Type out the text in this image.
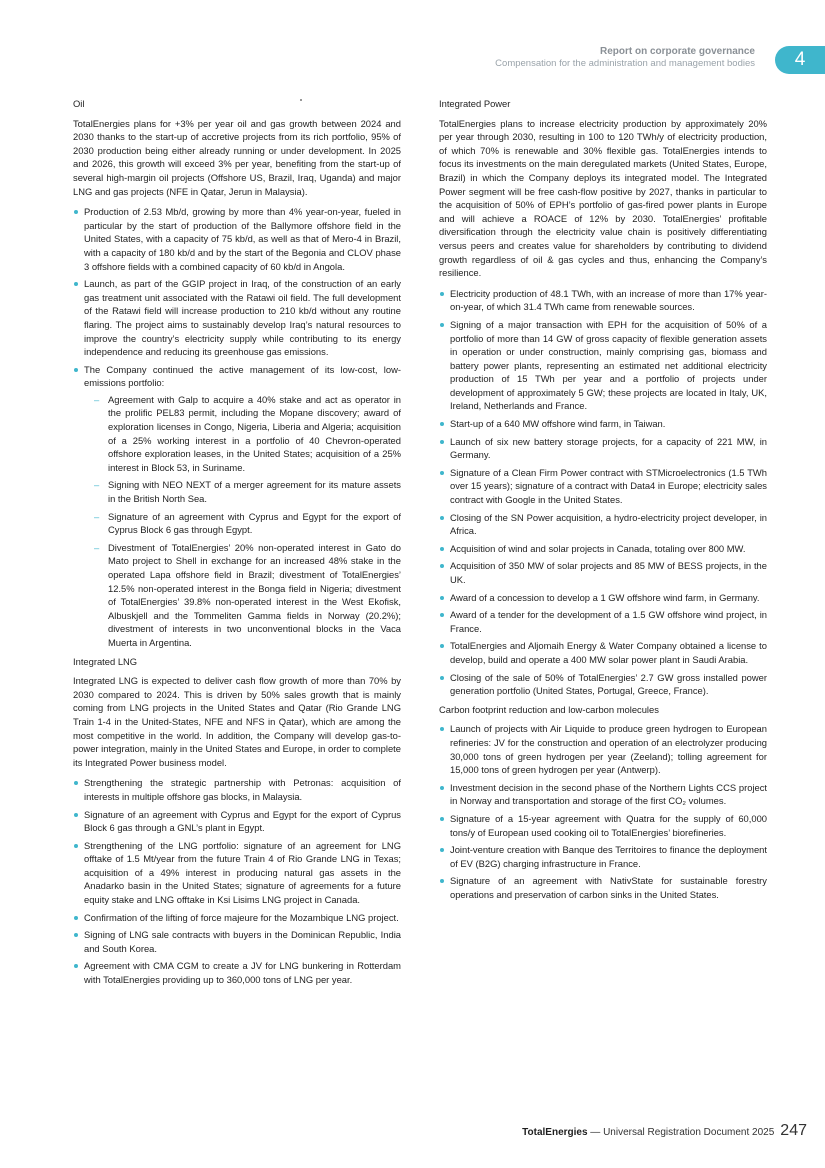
Report on corporate governance
Compensation for the administration and management bodies	4
Oil

TotalEnergies plans for +3% per year oil and gas growth between 2024 and 2030 thanks to the start-up of accretive projects from its rich portfolio, 95% of 2030 production being either already running or under development. In 2025 and 2026, this growth will exceed 3% per year, benefiting from the start-up of several high-margin oil projects (Offshore US, Brazil, Iraq, Uganda) and major LNG and gas projects (NFE in Qatar, Jerun in Malaysia).

Production of 2.53 Mb/d, growing by more than 4% year-on-year, fueled in particular by the start of production of the Ballymore offshore field in the United States, with a capacity of 75 kb/d, as well as that of Mero-4 in Brazil, with a capacity of 180 kb/d and by the start of the Begonia and CLOV phase 3 offshore fields with a combined capacity of 60 kb/d in Angola.
Launch, as part of the GGIP project in Iraq, of the construction of an early gas treatment unit associated with the Ratawi oil field. The full development of the Ratawi field will increase production to 210 kb/d without any routine flaring. The project aims to sustainably develop Iraq’s natural resources to improve the country’s electricity supply while contributing to its energy independence and reducing its greenhouse gas emissions.
The Company continued the active management of its low-cost, low-emissions portfolio:
– Agreement with Galp to acquire a 40% stake and act as operator in the prolific PEL83 permit, including the Mopane discovery; award of exploration licenses in Congo, Nigeria, Liberia and Algeria; acquisition of a 25% working interest in a portfolio of 40 Chevron-operated offshore exploration leases, in the United States; acquisition of a 25% interest in Block 53, in Suriname.
– Signing with NEO NEXT of a merger agreement for its mature assets in the British North Sea.
– Signature of an agreement with Cyprus and Egypt for the export of Cyprus Block 6 gas through Egypt.
– Divestment of TotalEnergies’ 20% non-operated interest in Gato do Mato project to Shell in exchange for an increased 48% stake in the operated Lapa offshore field in Brazil; divestment of TotalEnergies’ 12.5% non-operated interest in the Bonga field in Nigeria; divestment of TotalEnergies’ 39.8% non-operated interest in the West Ekofisk, Albuskjell and the Tommeliten Gamma fields in Norway (20.2%); divestment of interests in two unconventional blocks in the Vaca Muerta in Argentina.
Integrated LNG

Integrated LNG is expected to deliver cash flow growth of more than 70% by 2030 compared to 2024. This is driven by 50% sales growth that is mainly coming from LNG projects in the United States and Qatar (Rio Grande LNG Train 1-4 in the United-States, NFE and NFS in Qatar), which are among the most competitive in the world. In addition, the Company will develop gas-to-power integration, mainly in the United States and Europe, in order to complete its Integrated Power business model.

Strengthening the strategic partnership with Petronas: acquisition of interests in multiple offshore gas blocks, in Malaysia.
Signature of an agreement with Cyprus and Egypt for the export of Cyprus Block 6 gas through a GNL’s plant in Egypt.
Strengthening of the LNG portfolio: signature of an agreement for LNG offtake of 1.5 Mt/year from the future Train 4 of Rio Grande LNG in Texas; acquisition of a 49% interest in producing natural gas assets in the Anadarko basin in the United States; signature of agreements for a future equity stake and LNG offtake in Ksi Lisims LNG project in Canada.
Confirmation of the lifting of force majeure for the Mozambique LNG project.
Signing of LNG sale contracts with buyers in the Dominican Republic, India and South Korea.
Agreement with CMA CGM to create a JV for LNG bunkering in Rotterdam with TotalEnergies providing up to 360,000 tons of LNG per year.
Integrated Power

TotalEnergies plans to increase electricity production by approximately 20% per year through 2030, resulting in 100 to 120 TWh/y of electricity production, of which 70% is renewable and 30% flexible gas. TotalEnergies intends to focus its investments on the main deregulated markets (United States, Europe, Brazil) in which the Company deploys its integrated model. The Integrated Power segment will be free cash-flow positive by 2027, thanks in particular to the acquisition of 50% of EPH’s portfolio of gas-fired power plants in Europe and will achieve a ROACE of 12% by 2030. TotalEnergies’ profitable diversification through the electricity value chain is positively differentiating versus peers and creates value for shareholders by contributing to dividend growth regardless of oil & gas cycles and thus, enhancing the Company’s resilience.

Electricity production of 48.1 TWh, with an increase of more than 17% year-on-year, of which 31.4 TWh came from renewable sources.
Signing of a major transaction with EPH for the acquisition of 50% of a portfolio of more than 14 GW of gross capacity of flexible generation assets in operation or under construction, mainly comprising gas, biomass and battery power plants, representing an estimated net additional electricity production of 15 TWh per year and a portfolio of projects under development of approximately 5 GW; these projects are located in Italy, UK, Ireland, Netherlands and France.
Start-up of a 640 MW offshore wind farm, in Taiwan.
Launch of six new battery storage projects, for a capacity of 221 MW, in Germany.
Signature of a Clean Firm Power contract with STMicroelectronics (1.5 TWh over 15 years); signature of a contract with Data4 in Europe; electricity sales contract with Google in the United States.
Closing of the SN Power acquisition, a hydro-electricity project developer, in Africa.
Acquisition of wind and solar projects in Canada, totaling over 800 MW.
Acquisition of 350 MW of solar projects and 85 MW of BESS projects, in the UK.
Award of a concession to develop a 1 GW offshore wind farm, in Germany.
Award of a tender for the development of a 1.5 GW offshore wind project, in France.
TotalEnergies and Aljomaih Energy & Water Company obtained a license to develop, build and operate a 400 MW solar power plant in Saudi Arabia.
Closing of the sale of 50% of TotalEnergies’ 2.7 GW gross installed power generation portfolio (United States, Portugal, Greece, France).
Carbon footprint reduction and low-carbon molecules
Launch of projects with Air Liquide to produce green hydrogen to European refineries: JV for the construction and operation of an electrolyzer producing 30,000 tons of green hydrogen per year (Zeeland); tolling agreement for 15,000 tons of green hydrogen per year (Antwerp).
Investment decision in the second phase of the Northern Lights CCS project in Norway and transportation and storage of the first CO₂ volumes.
Signature of a 15-year agreement with Quatra for the supply of 60,000 tons/y of European used cooking oil to TotalEnergies’ biorefineries.
Joint-venture creation with Banque des Territoires to finance the deployment of EV (B2G) charging infrastructure in France.
Signature of an agreement with NativState for sustainable forestry operations and preservation of carbon sinks in the United States.
TotalEnergies — Universal Registration Document 2025 247
